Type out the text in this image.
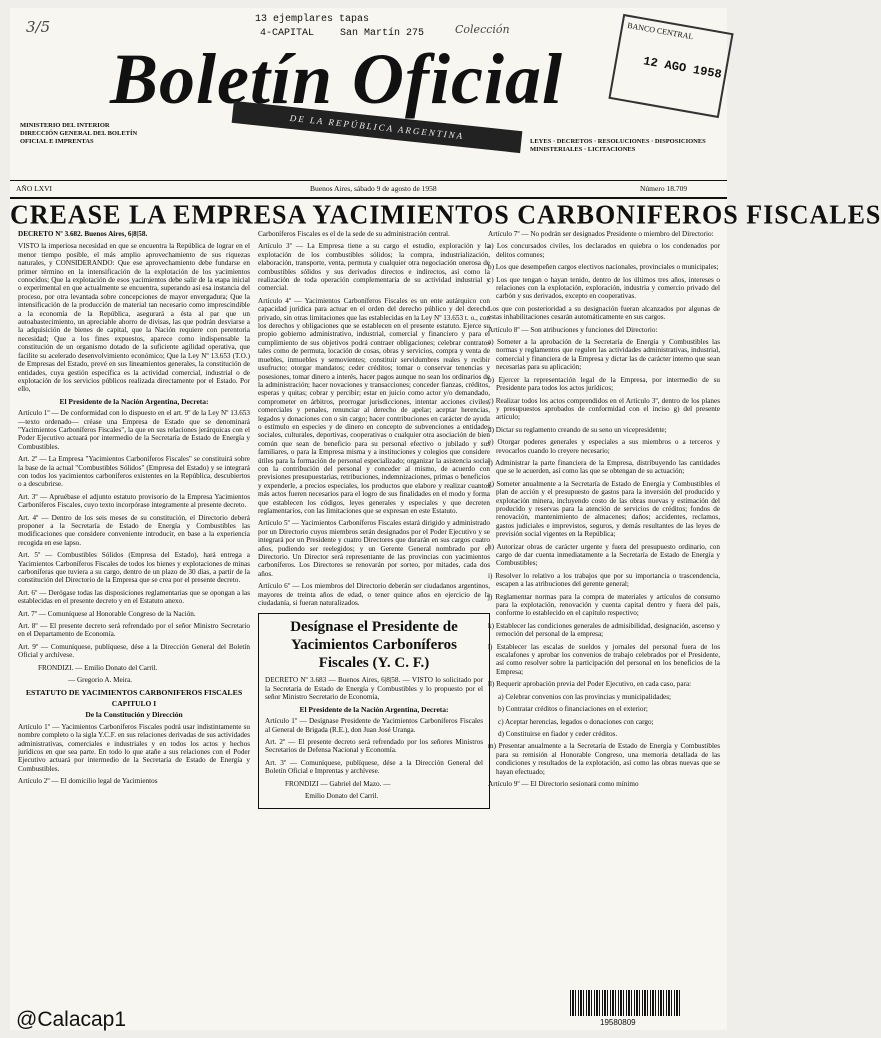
3/5	Colección
13 ejemplares tapas
4-CAPITAL	San Martín 275
Boletín Oficial
DE LA REPÚBLICA ARGENTINA
MINISTERIO DEL INTERIOR DIRECCIÓN GENERAL DEL BOLETÍN OFICIAL E IMPRENTAS	LEYES · DECRETOS · RESOLUCIONES · DISPOSICIONES MINISTERIALES · LICITACIONES
BANCO CENTRAL
12 AGO 1958
AÑO LXVI	Buenos Aires, sábado 9 de agosto de 1958	Número 18.709
CREASE LA EMPRESA YACIMIENTOS CARBONIFEROS FISCALES

DECRETO Nº 3.682. Buenos Aires, 6|8|58.

VISTO la imperiosa necesidad en que se encuentra la República de lograr en el menor tiempo posible, el más amplio aprovechamiento de sus riquezas naturales, y CONSIDERANDO: Que ese aprovechamiento debe fundarse en primer término en la intensificación de la explotación de los yacimientos conocidos; Que la explotación de esos yacimientos debe salir de la etapa inicial o experimental en que actualmente se encuentra, superando así esa instancia del proceso, por otra levantada sobre concepciones de mayor envergadura; Que la intensificación de la producción de material tan necesario como imprescindible a la economía de la República, asegurará a ésta al par que un autoabastecimiento, un apreciable ahorro de divisas, las que podrán desviarse a la adquisición de bienes de capital, que la Nación requiere con perentoria necesidad; Que a los fines expuestos, aparece como indispensable la constitución de un organismo dotado de la suficiente agilidad operativa, que facilite su acelerado desenvolvimiento económico; Que la Ley Nº 13.653 (T.O.) de Empresas del Estado, prevé en sus lineamientos generales, la constitución de entidades, cuya gestión específica es la actividad comercial, industrial o de explotación de los servicios públicos realizada directamente por el Estado. Por ello,

El Presidente de la Nación Argentina, Decreta:

Artículo 1º — De conformidad con lo dispuesto en el art. 9º de la Ley Nº 13.653 —texto ordenado— créase una Empresa de Estado que se denominará "Yacimientos Carboníferos Fiscales", la que en sus relaciones jerárquicas con el Poder Ejecutivo actuará por intermedio de la Secretaría de Estado de Energía y Combustibles.

Art. 2º — La Empresa "Yacimientos Carboníferos Fiscales" se constituirá sobre la base de la actual "Combustibles Sólidos" (Empresa del Estado) y se integrará con todos los yacimientos carboníferos existentes en la República, descubiertos o a descubrirse.

Art. 3º — Apruébase el adjunto estatuto provisorio de la Empresa Yacimientos Carboníferos Fiscales, cuyo texto incorpórase íntegramente al presente decreto.

Art. 4º — Dentro de los seis meses de su constitución, el Directorio deberá proponer a la Secretaría de Estado de Energía y Combustibles las modificaciones que considere conveniente introducir, en base a la experiencia recogida en ese lapso.

Art. 5º — Combustibles Sólidos (Empresa del Estado), hará entrega a Yacimientos Carboníferos Fiscales de todos los bienes y explotaciones de minas carboníferas que tuviera a su cargo, dentro de un plazo de 30 días, a partir de la constitución del Directorio de la Empresa que se crea por el presente decreto.

Art. 6º — Derógase todas las disposiciones reglamentarias que se opongan a las establecidas en el presente decreto y en el Estatuto anexo.

Art. 7º — Comuníquese al Honorable Congreso de la Nación.

Art. 8º — El presente decreto será refrendado por el señor Ministro Secretario en el Departamento de Economía.

Art. 9º — Comuníquese, publíquese, dése a la Dirección General del Boletín Oficial y archívese.

FRONDIZI. — Emilio Donato del Carril.

— Gregorio A. Meira.

ESTATUTO DE YACIMIENTOS CARBONIFEROS FISCALES
CAPITULO I
De la Constitución y Dirección

Artículo 1º — Yacimientos Carboníferos Fiscales podrá usar indistintamente su nombre completo o la sigla Y.C.F. en sus relaciones derivadas de sus actividades administrativas, comerciales e industriales y en todos los actos y hechos jurídicos en que sea parte. En todo lo que atañe a sus relaciones con el Poder Ejecutivo actuará por intermedio de la Secretaría de Estado de Energía y Combustibles.

Artículo 2º — El domicilio legal de Yacimientos

Carboníferos Fiscales es el de la sede de su administración central.

Artículo 3º — La Empresa tiene a su cargo el estudio, exploración y la explotación de los combustibles sólidos; la compra, industrialización, elaboración, transporte, venta, permuta y cualquier otra negociación onerosa de combustibles sólidos y sus derivados directos e indirectos, así como la realización de toda operación complementaria de su actividad industrial y comercial.

Artículo 4º — Yacimientos Carboníferos Fiscales es un ente autárquico con capacidad jurídica para actuar en el orden del derecho público y del derecho privado, sin otras limitaciones que las establecidas en la Ley Nº 13.653 t. o., con los derechos y obligaciones que se establecen en el presente estatuto. Ejerce su propio gobierno administrativo, industrial, comercial y financiero y para el cumplimiento de sus objetivos podrá contraer obligaciones; celebrar contratos tales como de permuta, locación de cosas, obras y servicios, compra y venta de muebles, inmuebles y semovientes; constituir servidumbres reales y recibir usufructo; otorgar mandatos; ceder créditos; tomar o conservar tenencias y posesiones, tomar dinero a interés, hacer pagos aunque no sean los ordinarios de la administración; hacer novaciones y transacciones; conceder fianzas, créditos, esperas y quitas; cobrar y percibir; estar en juicio como actor y/o demandado, comprometer en árbitros, prorrogar jurisdicciones, intentar acciones civiles, comerciales y penales, renunciar al derecho de apelar; aceptar herencias, legados y donaciones con o sin cargo; hacer contribuciones en carácter de ayuda o estímulo en especies y de dinero en concepto de subvenciones a entidades sociales, culturales, deportivas, cooperativas o cualquier otra asociación de bien común que sean de beneficio para su personal efectivo o jubilado y sus familiares, o para la Empresa misma y a instituciones y colegios que considere útiles para la formación de personal especializado; organizar la asistencia social con la contribución del personal y conceder al mismo, de acuerdo con previsiones presupuestarias, retribuciones, indemnizaciones, primas o beneficios y expenderle, a precios especiales, los productos que elabore y realizar cuantos más actos fueren necesarios para el logro de sus finalidades en el modo y forma que establecen los códigos, leyes generales y especiales y que decreten reglamentarios, con las limitaciones que se expresan en este Estatuto.

Artículo 5º — Yacimientos Carboníferos Fiscales estará dirigido y administrado por un Directorio cuyos miembros serán designados por el Poder Ejecutivo y se integrará por un Presidente y cuatro Directores que durarán en sus cargos cuatro años, pudiendo ser reelegidos; y un Gerente General nombrado por el Directorio. Un Director será representante de las provincias con yacimientos carboníferos. Los Directores se renovarán por sorteo, por mitades, cada dos años.

Artículo 6º — Los miembros del Directorio deberán ser ciudadanos argentinos, mayores de treinta años de edad, o tener quince años en ejercicio de la ciudadanía, si fueran naturalizados.

Desígnase el Presidente de Yacimientos Carboníferos Fiscales (Y. C. F.)

DECRETO Nº 3.683 — Buenos Aires, 6|8|58. — VISTO lo solicitado por la Secretaría de Estado de Energía y Combustibles y lo propuesto por el señor Ministro Secretario de Economía,

El Presidente de la Nación Argentina, Decreta:

Artículo 1º — Desígnase Presidente de Yacimientos Carboníferos Fiscales al General de Brigada (R.E.), don Juan José Uranga.

Art. 2º — El presente decreto será refrendado por los señores Ministros Secretarios de Defensa Nacional y Economía.

Art. 3º — Comuníquese, publíquese, dése a la Dirección General del Boletín Oficial e Imprentas y archívese.

FRONDIZI — Gabriel del Mazo. —

Emilio Donato del Carril.

Artículo 7º — No podrán ser designados Presidente o miembro del Directorio:

a) Los concursados civiles, los declarados en quiebra o los condenados por delitos comunes;

b) Los que desempeñen cargos electivos nacionales, provinciales o municipales;

c) Los que tengan o hayan tenido, dentro de los últimos tres años, intereses o relaciones con la explotación, exploración, industria y comercio privado del carbón y sus derivados, excepto en cooperativas.

Los que con posterioridad a su designación fueran alcanzados por algunas de estas inhabilitaciones cesarán automáticamente en sus cargos.

Artículo 8º — Son atribuciones y funciones del Directorio:

a) Someter a la aprobación de la Secretaría de Energía y Combustibles las normas y reglamentos que regulen las actividades administrativas, industrial, comercial y financiera de la Empresa y dictar las de carácter interno que sean necesarias para su aplicación;

b) Ejercer la representación legal de la Empresa, por intermedio de su Presidente para todos los actos jurídicos;

c) Realizar todos los actos comprendidos en el Artículo 3º, dentro de los planes y presupuestos aprobados de conformidad con el inciso g) del presente artículo;

d) Dictar su reglamento creando de su seno un vicepresidente;

e) Otorgar poderes generales y especiales a sus miembros o a terceros y revocarlos cuando lo creyere necesario;

f) Administrar la parte financiera de la Empresa, distribuyendo las cantidades que se le acuerden, así como las que se obtengan de su actuación;

g) Someter anualmente a la Secretaría de Estado de Energía y Combustibles el plan de acción y el presupuesto de gastos para la inversión del producido y explotación minera, incluyendo costo de las obras nuevas y estimación del producido y reservas para la atención de servicios de créditos; fondos de renovación, mantenimiento de almacenes; daños; accidentes, reclamos, gastos judiciales e imprevistos, seguros, y demás resultantes de las leyes de previsión social vigentes en la República;

h) Autorizar obras de carácter urgente y fuera del presupuesto ordinario, con cargo de dar cuenta inmediatamente a la Secretaría de Estado de Energía y Combustibles;

i) Resolver lo relativo a los trabajos que por su importancia o trascendencia, escapen a las atribuciones del gerente general;

j) Reglamentar normas para la compra de materiales y artículos de consumo para la explotación, renovación y cuenta capital dentro y fuera del país, conforme lo establecido en el capítulo respectivo;

k) Establecer las condiciones generales de admisibilidad, designación, ascenso y remoción del personal de la empresa;

l) Establecer las escalas de sueldos y jornales del personal fuera de los escalafones y aprobar los convenios de trabajo celebrados por el Presidente, así como resolver sobre la participación del personal en los beneficios de la Empresa;

ll) Requerir aprobación previa del Poder Ejecutivo, en cada caso, para:

a) Celebrar convenios con las provincias y municipalidades;

b) Contratar créditos o financiaciones en el exterior;

c) Aceptar herencias, legados o donaciones con cargo;

d) Constituirse en fiador y ceder créditos.

m) Presentar anualmente a la Secretaría de Estado de Energía y Combustibles para su remisión al Honorable Congreso, una memoria detallada de las condiciones y resultados de la explotación, así como las obras nuevas que se hayan efectuado;

Artículo 9º — El Directorio sesionará como mínimo

19580809
@Calacap1
